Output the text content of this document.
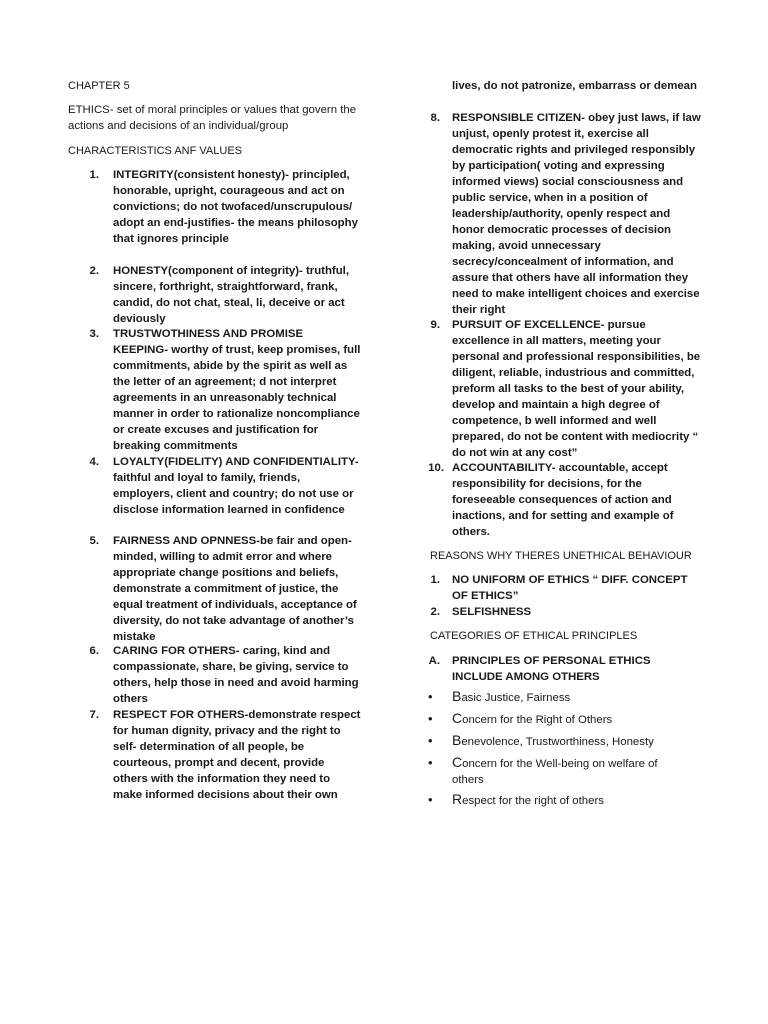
CHAPTER 5
ETHICS- set of moral principles or values that govern the actions and decisions of an individual/group
CHARACTERISTICS ANF VALUES
1. INTEGRITY(consistent honesty)- principled, honorable, upright, courageous and act on convictions; do not twofaced/unscrupulous/ adopt an end-justifies- the means philosophy that ignores principle
2. HONESTY(component of integrity)- truthful, sincere, forthright, straightforward, frank, candid, do not chat, steal, li, deceive or act deviously
3. TRUSTWOTHINESS AND PROMISE KEEPING- worthy of trust, keep promises, full commitments, abide by the spirit as well as the letter of an agreement; d not interpret agreements in an unreasonably technical manner in order to rationalize noncompliance or create excuses and justification for breaking commitments
4. LOYALTY(FIDELITY) AND CONFIDENTIALITY- faithful and loyal to family, friends, employers, client and country; do not use or disclose information learned in confidence
5. FAIRNESS AND OPNNESS-be fair and open-minded, willing to admit error and where appropriate change positions and beliefs, demonstrate a commitment of justice, the equal treatment of individuals, acceptance of diversity, do not take advantage of another’s mistake
6. CARING FOR OTHERS- caring, kind and compassionate, share, be giving, service to others, help those in need and avoid harming others
7. RESPECT FOR OTHERS-demonstrate respect for human dignity, privacy and the right to self- determination of all people, be courteous, prompt and decent, provide others with the information they need to make informed decisions about their own
lives, do not patronize, embarrass or demean
8. RESPONSIBLE CITIZEN- obey just laws, if law unjust, openly protest it, exercise all democratic rights and privileged responsibly by participation( voting and expressing informed views) social consciousness and public service, when in a position of leadership/authority, openly respect and honor democratic processes of decision making, avoid unnecessary secrecy/concealment of information, and assure that others have all information they need to make intelligent choices and exercise their right
9. PURSUIT OF EXCELLENCE- pursue excellence in all matters, meeting your personal and professional responsibilities, be diligent, reliable, industrious and committed, preform all tasks to the best of your ability, develop and maintain a high degree of competence, b well informed and well prepared, do not be content with mediocrity “ do not win at any cost”
10. ACCOUNTABILITY- accountable, accept responsibility for decisions, for the foreseeable consequences of action and inactions, and for setting and example of others.
REASONS WHY THERES UNETHICAL BEHAVIOUR
1. NO UNIFORM OF ETHICS “ DIFF. CONCEPT OF ETHICS”
2. SELFISHNESS
CATEGORIES OF ETHICAL PRINCIPLES
A. PRINCIPLES OF PERSONAL ETHICS INCLUDE AMONG OTHERS
• Basic Justice, Fairness
• Concern for the Right of Others
• Benevolence, Trustworthiness, Honesty
• Concern for the Well-being on welfare of others
• Respect for the right of others
